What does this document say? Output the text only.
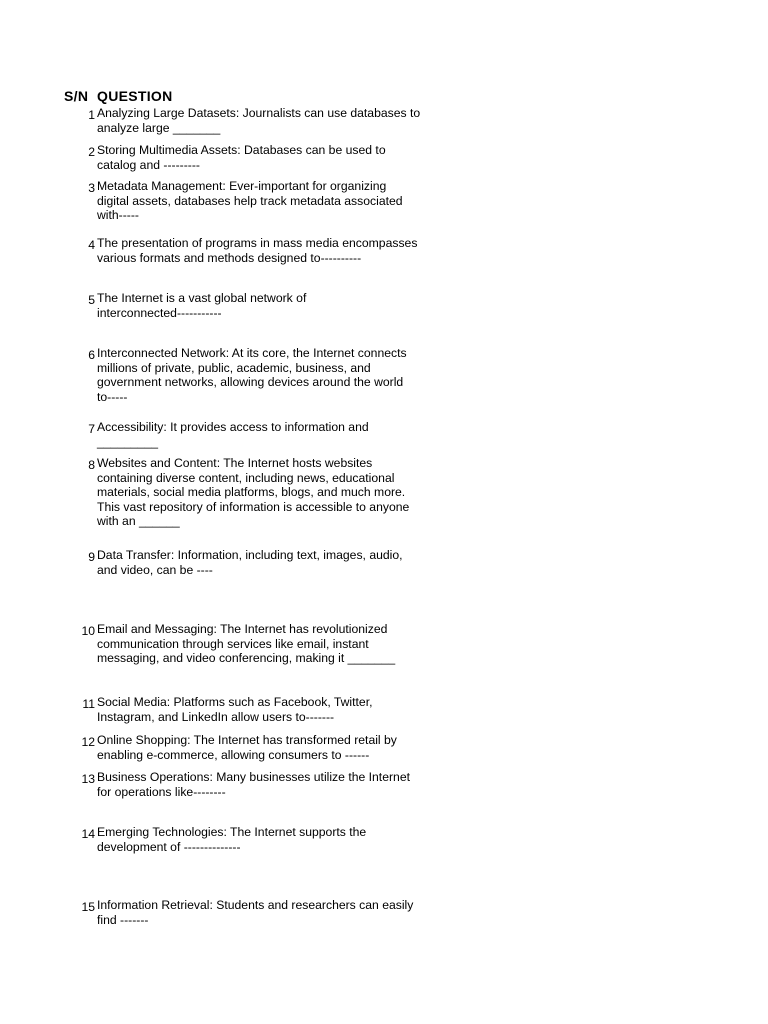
S/N QUESTION
1 Analyzing Large Datasets: Journalists can use databases to
analyze large _______
2 Storing Multimedia Assets: Databases can be used to
catalog and ---------
3 Metadata Management: Ever-important for organizing
digital assets, databases help track metadata associated
with-----
4 The presentation of programs in mass media encompasses
various formats and methods designed to----------
5 The Internet is a vast global network of
interconnected-----------
6 Interconnected Network: At its core, the Internet connects
millions of private, public, academic, business, and
government networks, allowing devices around the world
to-----
7 Accessibility: It provides access to information and
_________
8 Websites and Content: The Internet hosts websites
containing diverse content, including news, educational
materials, social media platforms, blogs, and much more.
This vast repository of information is accessible to anyone
with an ______
9 Data Transfer: Information, including text, images, audio,
and video, can be ----
10 Email and Messaging: The Internet has revolutionized
communication through services like email, instant
messaging, and video conferencing, making it _______
11 Social Media: Platforms such as Facebook, Twitter,
Instagram, and LinkedIn allow users to-------
12 Online Shopping: The Internet has transformed retail by
enabling e-commerce, allowing consumers to ------
13 Business Operations: Many businesses utilize the Internet
for operations like--------
14 Emerging Technologies: The Internet supports the
development of --------------
15 Information Retrieval: Students and researchers can easily
find -------
